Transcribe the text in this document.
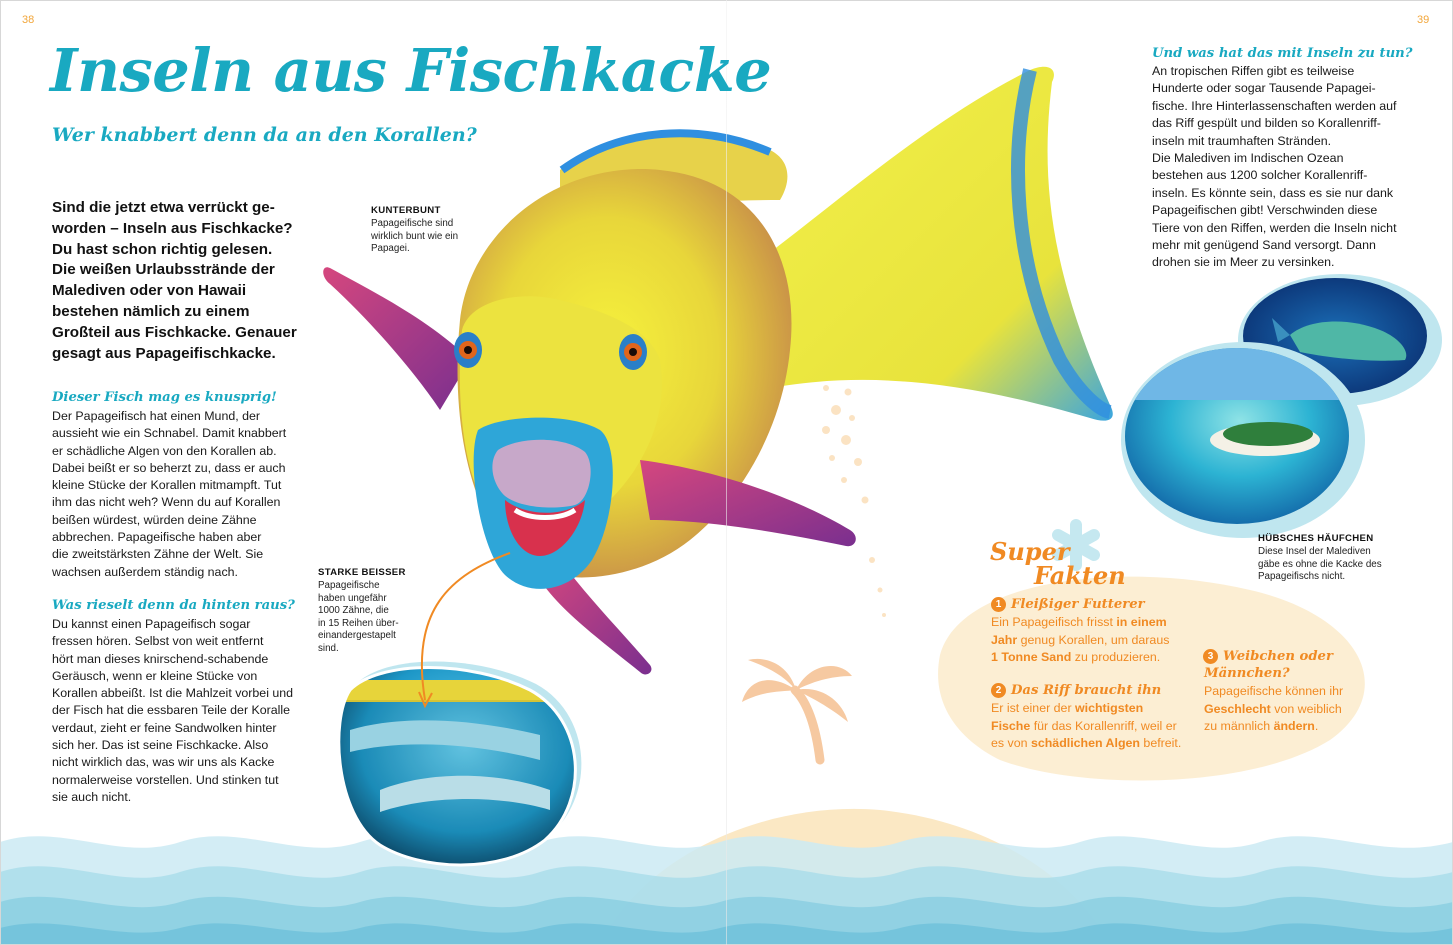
38	39
Inseln aus Fischkacke
Wer knabbert denn da an den Korallen?
Sind die jetzt etwa verrückt ge-
worden – Inseln aus Fischkacke?
Du hast schon richtig gelesen.
Die weißen Urlaubsstrände der
Malediven oder von Hawaii
bestehen nämlich zu einem
Großteil aus Fischkacke. Genauer
gesagt aus Papageifischkacke.
Dieser Fisch mag es knusprig!
Der Papageifisch hat einen Mund, der
aussieht wie ein Schnabel. Damit knabbert
er schädliche Algen von den Korallen ab.
Dabei beißt er so beherzt zu, dass er auch
kleine Stücke der Korallen mitmampft. Tut
ihm das nicht weh? Wenn du auf Korallen
beißen würdest, würden deine Zähne
abbrechen. Papageifische haben aber
die zweitstärksten Zähne der Welt. Sie
wachsen außerdem ständig nach.
Was rieselt denn da hinten raus?
Du kannst einen Papageifisch sogar
fressen hören. Selbst von weit entfernt
hört man dieses knirschend-schabende
Geräusch, wenn er kleine Stücke von
Korallen abbeißt. Ist die Mahlzeit vorbei und
der Fisch hat die essbaren Teile der Koralle
verdaut, zieht er feine Sandwolken hinter
sich her. Das ist seine Fischkacke. Also
nicht wirklich das, was wir uns als Kacke
normalerweise vorstellen. Und stinken tut
sie auch nicht.
KUNTERBUNT
Papageifische sind
wirklich bunt wie ein
Papagei.
STARKE BEISSER
Papageifische
haben ungefähr
1000 Zähne, die
in 15 Reihen über-
einandergestapelt
sind.
Und was hat das mit Inseln zu tun?
An tropischen Riffen gibt es teilweise
Hunderte oder sogar Tausende Papagei-
fische. Ihre Hinterlassenschaften werden auf
das Riff gespült und bilden so Korallenriff-
inseln mit traumhaften Stränden.
Die Malediven im Indischen Ozean
bestehen aus 1200 solcher Korallenriff-
inseln. Es könnte sein, dass es sie nur dank
Papageifischen gibt! Verschwinden diese
Tiere von den Riffen, werden die Inseln nicht
mehr mit genügend Sand versorgt. Dann
drohen sie im Meer zu versinken.
HÜBSCHES HÄUFCHEN
Diese Insel der Malediven
gäbe es ohne die Kacke des
Papageifischs nicht.
Super
Fakten
1 Fleißiger Futterer
Ein Papageifisch frisst in einem
Jahr genug Korallen, um daraus
1 Tonne Sand zu produzieren.
2 Das Riff braucht ihn
Er ist einer der wichtigsten
Fische für das Korallenriff, weil er
es von schädlichen Algen befreit.
3 Weibchen oder
Männchen?
Papageifische können ihr
Geschlecht von weiblich
zu männlich ändern.
